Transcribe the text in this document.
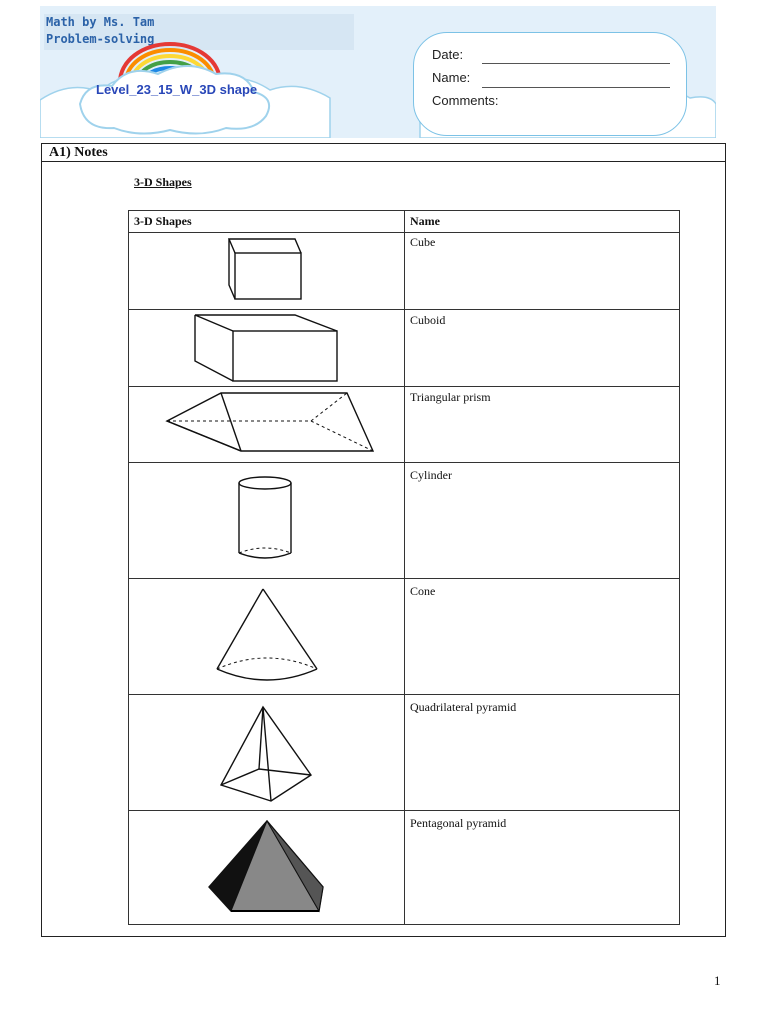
Math by Ms. Tam
Problem-solving
Level_23_15_W_3D shape
Date:
Name:
Comments:
A1) Notes
3-D Shapes
3-D Shapes	Name
Cube
Cuboid
Triangular prism
Cylinder
Cone
Quadrilateral pyramid
Pentagonal pyramid
1
